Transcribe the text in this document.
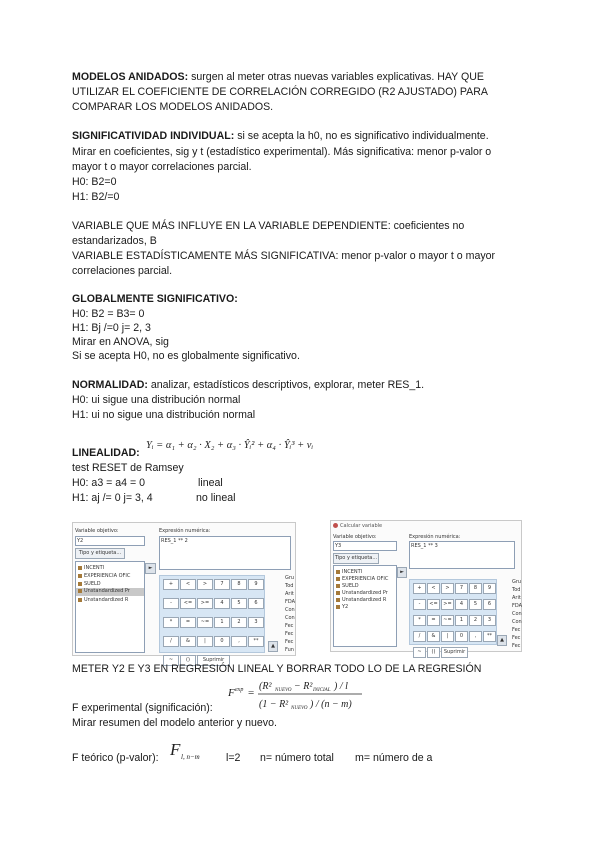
MODELOS ANIDADOS: surgen al meter otras nuevas variables explicativas. HAY QUE
UTILIZAR EL COEFICIENTE DE CORRELACIÓN CORREGIDO (R2 AJUSTADO) PARA
COMPARAR LOS MODELOS ANIDADOS.
SIGNIFICATIVIDAD INDIVIDUAL: si se acepta la h0, no es significativo individualmente.
Mirar en coeficientes, sig y t (estadístico experimental). Más significativa: menor p-valor o
mayor t o mayor correlaciones parcial.
H0: B2=0
H1: B2/=0
VARIABLE QUE MÁS INFLUYE EN LA VARIABLE DEPENDIENTE: coeficientes no
estandarizados, B
VARIABLE ESTADÍSTICAMENTE MÁS SIGNIFICATIVA: menor p-valor o mayor t o mayor
correlaciones parcial.
GLOBALMENTE SIGNIFICATIVO:
H0: B2 = B3= 0
H1: Bj /=0 j= 2, 3
Mirar en ANOVA, sig
Si se acepta H0, no es globalmente significativo.
NORMALIDAD: analizar, estadísticos descriptivos, explorar, meter RES_1.
H0: ui sigue una distribución normal
H1: ui no sigue una distribución normal
LINEALIDAD:
Yᵢ = α₁ + α₂ · X₂ + α₃ · Ŷᵢ² + α₄ · Ŷᵢ³ + vᵢ
test RESET de Ramsey
H0: a3 = a4 = 0	lineal
H1: aj /= 0 j= 3, 4	no lineal
Variable objetivo:
Y2
Tipo y etiqueta...
INCENTI
EXPERIENCIA OFIC
SUELD
Unstandardized Pr
Unstandardized R
►
Expresión numérica:
RES_1 ** 2
+	<	>	7	8	9
-	<=	>=	4	5	6
*	=	~=	1	2	3
/	&	|	0	,	**
~	()	Suprimir
Gru
Tod
Arit
FDA
Con
Con
Fec
Fec
Fec
Fun
▲
Calcular variable
Variable objetivo:
Y3
Tipo y etiqueta...
INCENTI
EXPERIENCIA OFIC
SUELD
Unstandardized Pr
Unstandardized R
Y2
►
Expresión numérica:
RES_1 ** 3
+	<	>	7	8	9
-	<=	>=	4	5	6
*	=	~=	1	2	3
/	&	|	0	,	**
~	()	Suprimir
Gru
Tod
Arit
FDA
Con
Con
Fec
Fec
Fec
▲
METER Y2 E Y3 EN REGRESIÓN LINEAL Y BORRAR TODO LO DE LA REGRESIÓN
F exp =
(R² NUEVO − R² INICIAL ) / l
(1 − R² NUEVO ) / (n − m)
F experimental (significación):
Mirar resumen del modelo anterior y nuevo.
F teórico (p-valor): F l, n−m l=2 n= número total m= número de a
